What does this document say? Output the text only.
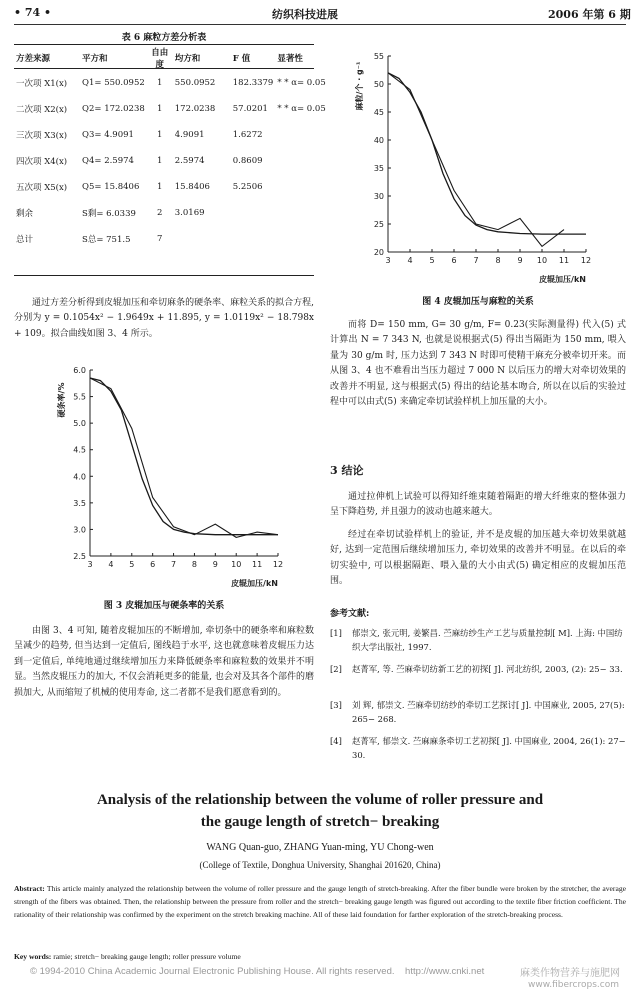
• 74 •	纺织科技进展	2006 年第 6 期
表 6 麻粒方差分析表
方差来源	平方和	自由度	均方和	F 值	显著性
一次项 X1(x)	Q1= 550.0952	1	550.0952	182.3379	* * α= 0.05
二次项 X2(x)	Q2= 172.0238	1	172.0238	57.0201	* * α= 0.05
三次项 X3(x)	Q3= 4.9091	1	4.9091	1.6272	
四次项 X4(x)	Q4= 2.5974	1	2.5974	0.8609	
五次项 X5(x)	Q5= 15.8406	1	15.8406	5.2506	
剩余	S剩= 6.0339	2	3.0169		
总计	S总= 751.5	7			
通过方差分析得到皮辊加压和牵切麻条的硬条率、麻粒关系的拟合方程, 分别为 y = 0.1054x² − 1.9649x + 11.895, y = 1.0119x² − 18.798x + 109。拟合曲线如图 3、4 所示。
3 4 5 6 7 8 9 10 11 12
2.5
3.0
3.5
4.0
4.5
5.0
5.5
6.0
皮辊加压/kN
硬条率/%
图 3 皮辊加压与硬条率的关系
由图 3、4 可知, 随着皮辊加压的不断增加, 牵切条中的硬条率和麻粒数呈减少的趋势, 但当达到一定值后, 图线趋于水平, 这也就意味着皮辊压力达到一定值后, 单纯地通过继续增加压力来降低硬条率和麻粒数的效果并不明显。当然皮辊压力的加大, 不仅会消耗更多的能量, 也会对及其各个部件的磨损加大, 从而缩短了机械的使用寿命, 这二者都不是我们愿意看到的。
3 4 5 6 7 8 9 10 11 12
20
25
30
35
40
45
50
55
皮辊加压/kN
麻粒/个 · g⁻¹
图 4 皮辊加压与麻粒的关系
而将 D= 150 mm, G= 30 g/m, F= 0.23(实际测量得) 代入(5) 式计算出 N = 7 343 N, 也就是说根据式(5) 得出当隔距为 150 mm, 喂入量为 30 g/m 时, 压力达到 7 343 N 时即可使精干麻充分被牵切开来。而从图 3、4 也不难看出当压力超过 7 000 N 以后压力的增大对牵切效果的改善并不明显, 这与根据式(5) 得出的结论基本吻合, 所以在以后的实验过程中可以由式(5) 来确定牵切试验样机上加压量的大小。
3 结论
通过拉伸机上试验可以得知纤维束随着隔距的增大纤维束的整体强力呈下降趋势, 并且强力的波动也越来越大。
经过在牵切试验样机上的验证, 并不是皮辊的加压越大牵切效果就越好, 达到一定范围后继续增加压力, 牵切效果的改善并不明显。在以后的牵切实验中, 可以根据隔距、喂入量的大小由式(5) 确定相应的皮辊加压范围。
参考文献:
[1] 郁崇文, 张元明, 姜繁昌. 苎麻纺纱生产工艺与质量控制[ M]. 上海: 中国纺织大学出版社, 1997.
[2] 赵菁军, 等. 苎麻牵切纺新工艺的初探[ J]. 河北纺织, 2003, (2): 25− 33.
[3] 刘 辉, 郁崇文. 苎麻牵切纺纱的牵切工艺探讨[ J]. 中国麻业, 2005, 27(5): 265− 268.
[4] 赵菁军, 郁崇文. 苎麻麻条牵切工艺初探[ J]. 中国麻业, 2004, 26(1): 27− 30.
Analysis of the relationship between the volume of roller pressure and
the gauge length of stretch− breaking
WANG Quan-guo, ZHANG Yuan-ming, YU Chong-wen
(College of Textile, Donghua University, Shanghai 201620, China)
Abstract: This article mainly analyzed the relationship between the volume of roller pressure and the gauge length of stretch-breaking. After the fiber bundle were broken by the stretcher, the average strength of the fibers was obtained. Then, the relationship between the pressure from roller and the stretch− breaking gauge length was figured out according to the textile fiber friction coefficient. The rationality of their relationship was confirmed by the experiment on the stretch breaking machine. All of these laid foundation for farther exploration of the stretch-breaking process.
Key words: ramie; stretch− breaking gauge length; roller pressure volume
© 1994-2010 China Academic Journal Electronic Publishing House. All rights reserved.    http://www.cnki.net	麻类作物营养与施肥网
www.fibercrops.com
